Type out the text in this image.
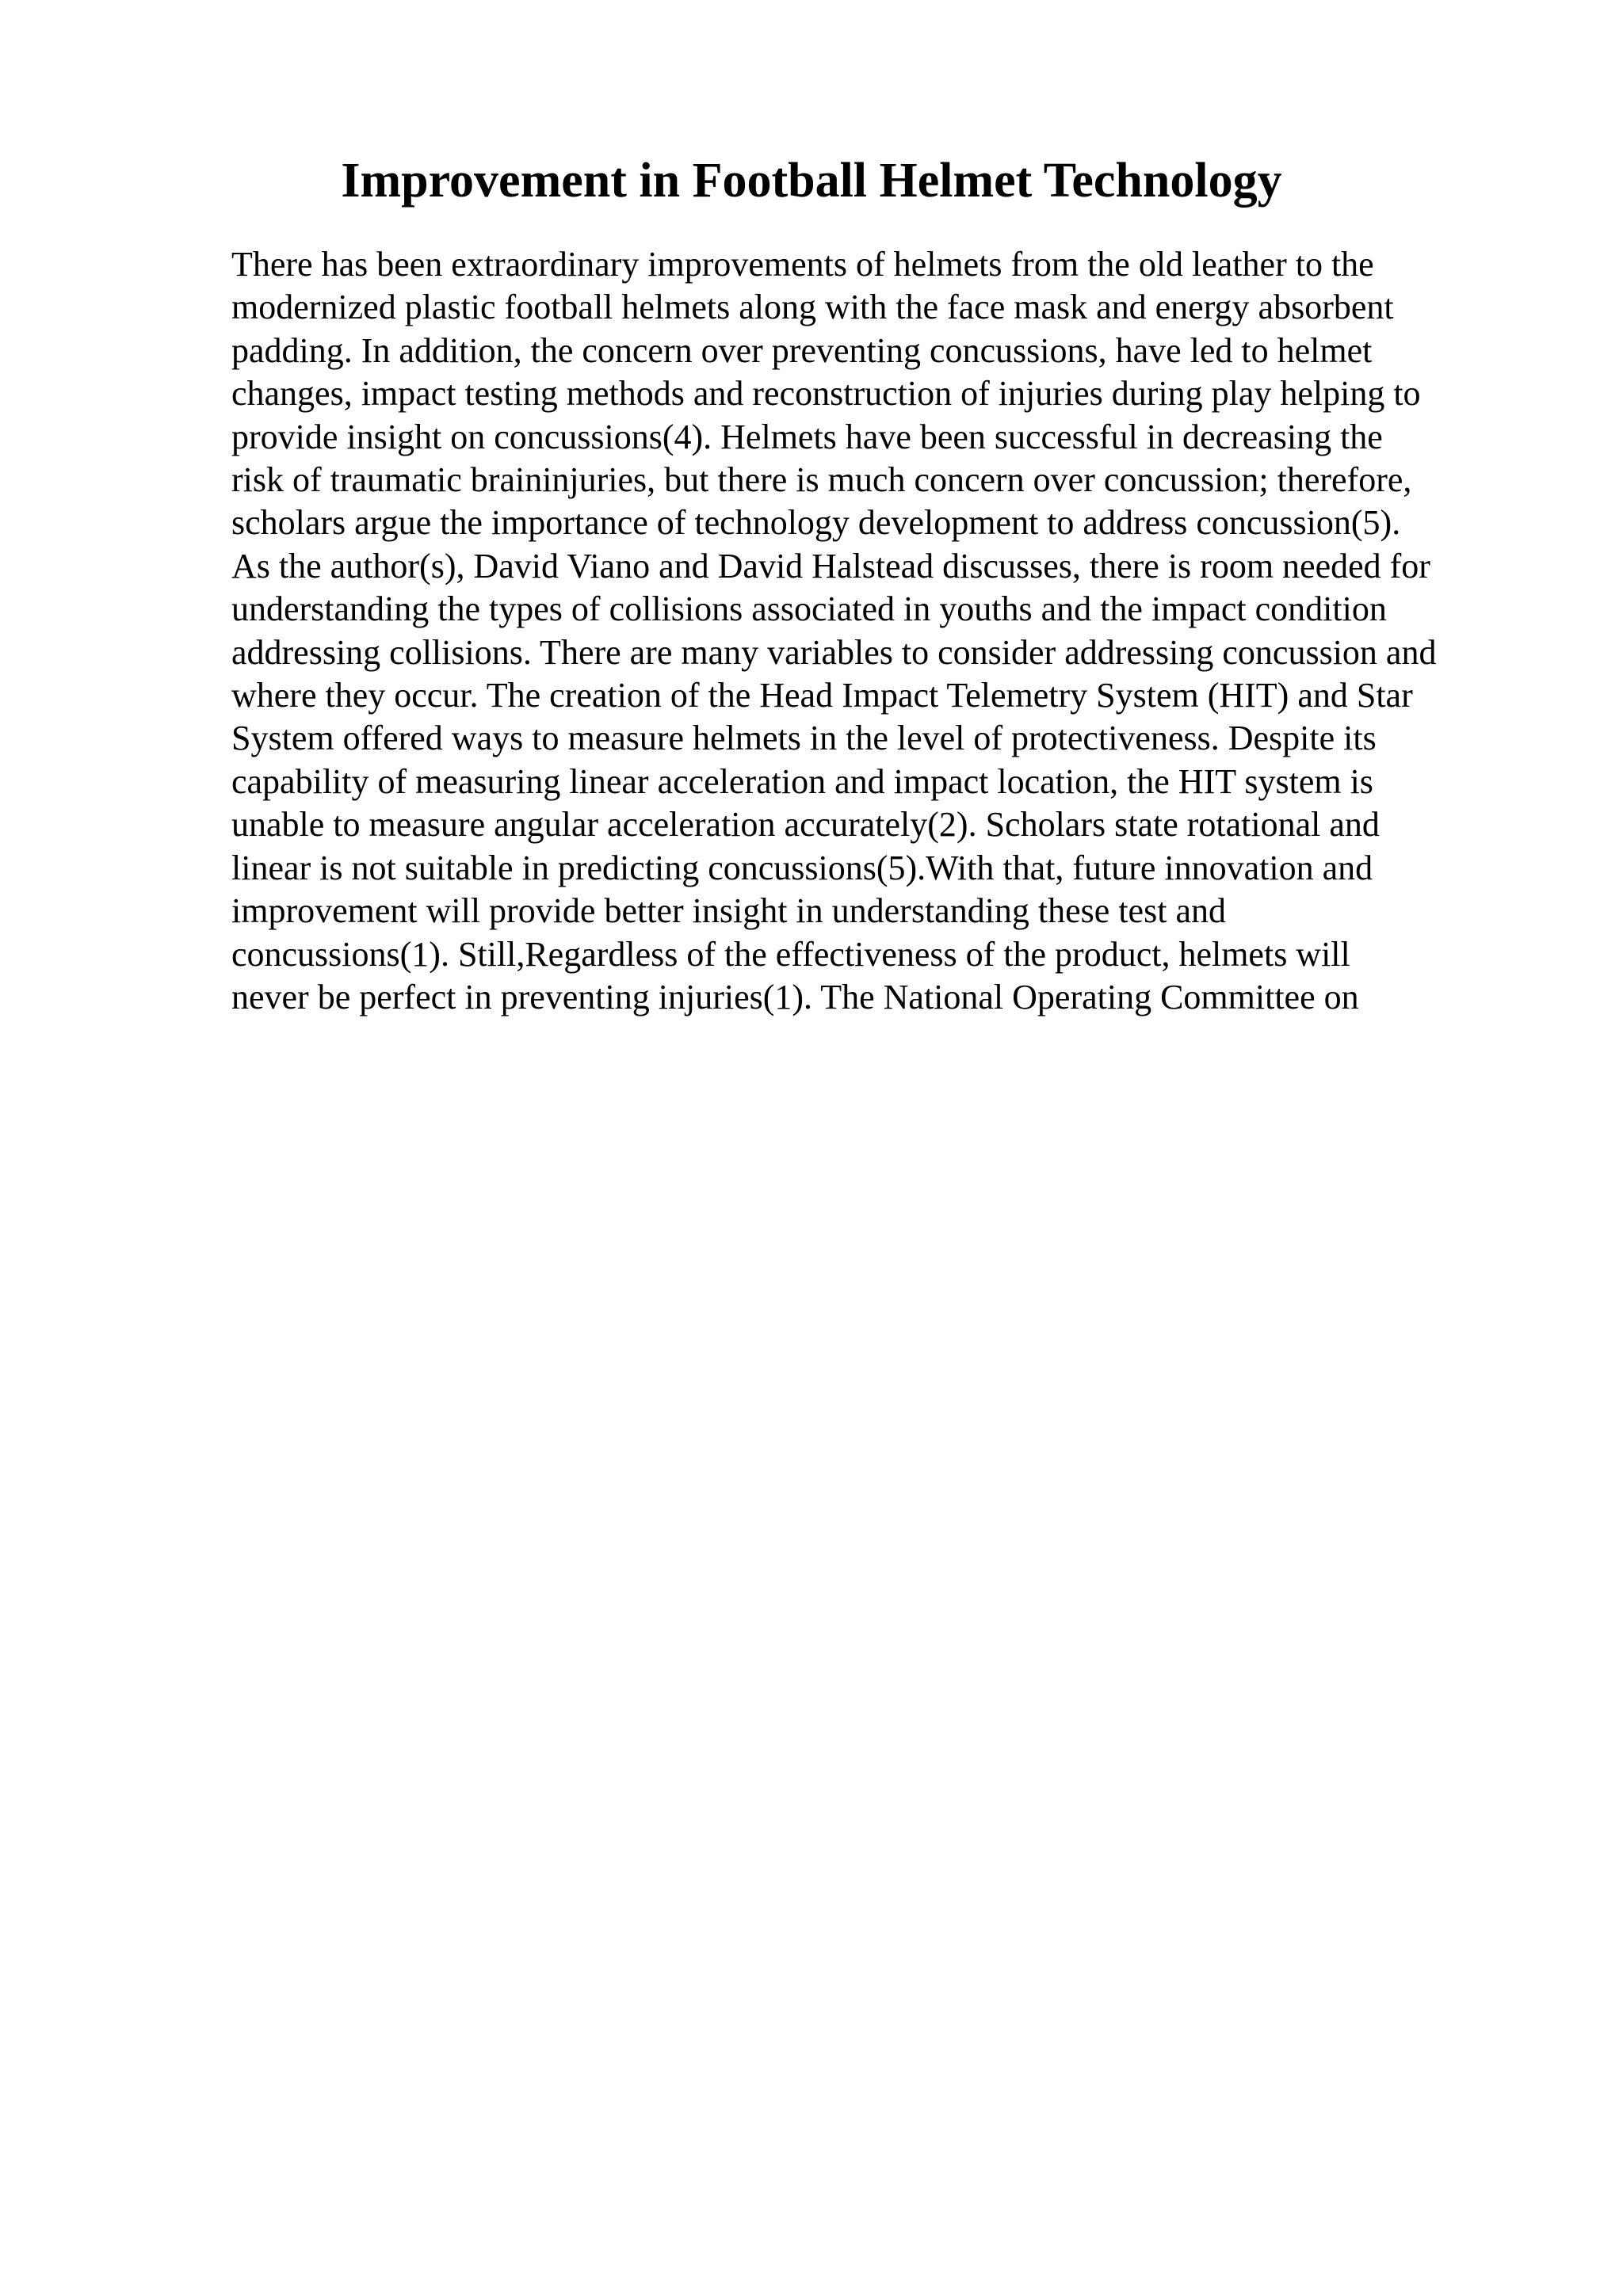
Improvement in Football Helmet Technology
There has been extraordinary improvements of helmets from the old leather to the
modernized plastic football helmets along with the face mask and energy absorbent
padding. In addition, the concern over preventing concussions, have led to helmet
changes, impact testing methods and reconstruction of injuries during play helping to
provide insight on concussions(4). Helmets have been successful in decreasing the
risk of traumatic braininjuries, but there is much concern over concussion; therefore,
scholars argue the importance of technology development to address concussion(5).
As the author(s), David Viano and David Halstead discusses, there is room needed for
understanding the types of collisions associated in youths and the impact condition
addressing collisions. There are many variables to consider addressing concussion and
where they occur. The creation of the Head Impact Telemetry System (HIT) and Star
System offered ways to measure helmets in the level of protectiveness. Despite its
capability of measuring linear acceleration and impact location, the HIT system is
unable to measure angular acceleration accurately(2). Scholars state rotational and
linear is not suitable in predicting concussions(5).With that, future innovation and
improvement will provide better insight in understanding these test and
concussions(1). Still,Regardless of the effectiveness of the product, helmets will
never be perfect in preventing injuries(1). The National Operating Committee on
